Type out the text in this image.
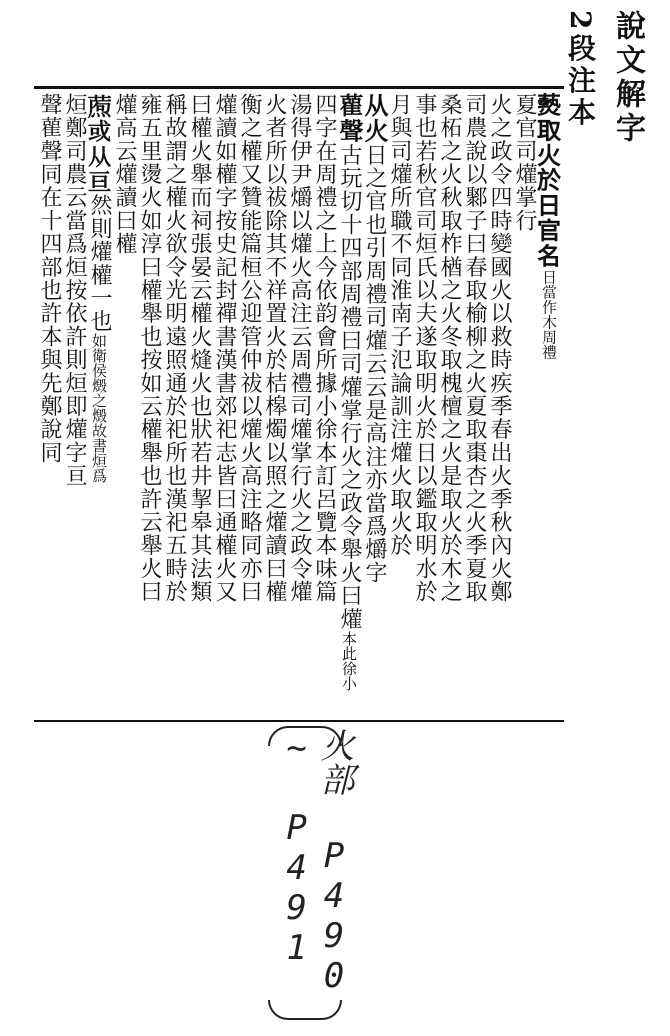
說文解字
2段注本
𤑔取火於日官名日當作木周禮
夏官司爟掌行
火之政令四時變國火以救時疾季春出火季秋內火鄭
司農說以鄹子曰春取榆柳之火夏取棗杏之火季夏取
桑柘之火秋取柞楢之火冬取槐檀之火是取火於木之
事也若秋官司烜氏以夫遂取明火於日以鑑取明水於
月與司爟所職不同淮南子氾論訓注爟火取火於
从火日之官也引周禮司爟云云是高注亦當爲爝字
雚聲古玩切十四部周禮曰司爟掌行火之政令舉火曰爟本此徐小
四字在周禮之上今依韵會所據小徐本訂呂覽本味篇
湯得伊尹爝以爟火高注云周禮司爟掌行火之政令爟
火者所以祓除其不祥置火於桔槔燭以照之爟讀曰權
衡之權又贊能篇桓公迎管仲祓以爟火高注略同亦曰
爟讀如權字按史記封禪書漢書郊祀志皆曰通權火又
曰權火舉而祠張晏云權火熢火也狀若井挈皋其法類
稱故謂之權火欲令光明遠照通於祀所也漢祀五畤於
雍五里燙火如淳曰權舉也按如云權舉也許云舉火曰
爟高云爟讀曰權
𤎗或从亘然則爟權一也如衛侯燬之燬故書烜爲
烜鄭司農云當爲烜按依許則烜即爟字亘
聲雚聲同在十四部也許本與先鄭說同
火部 P490 ~ P491
